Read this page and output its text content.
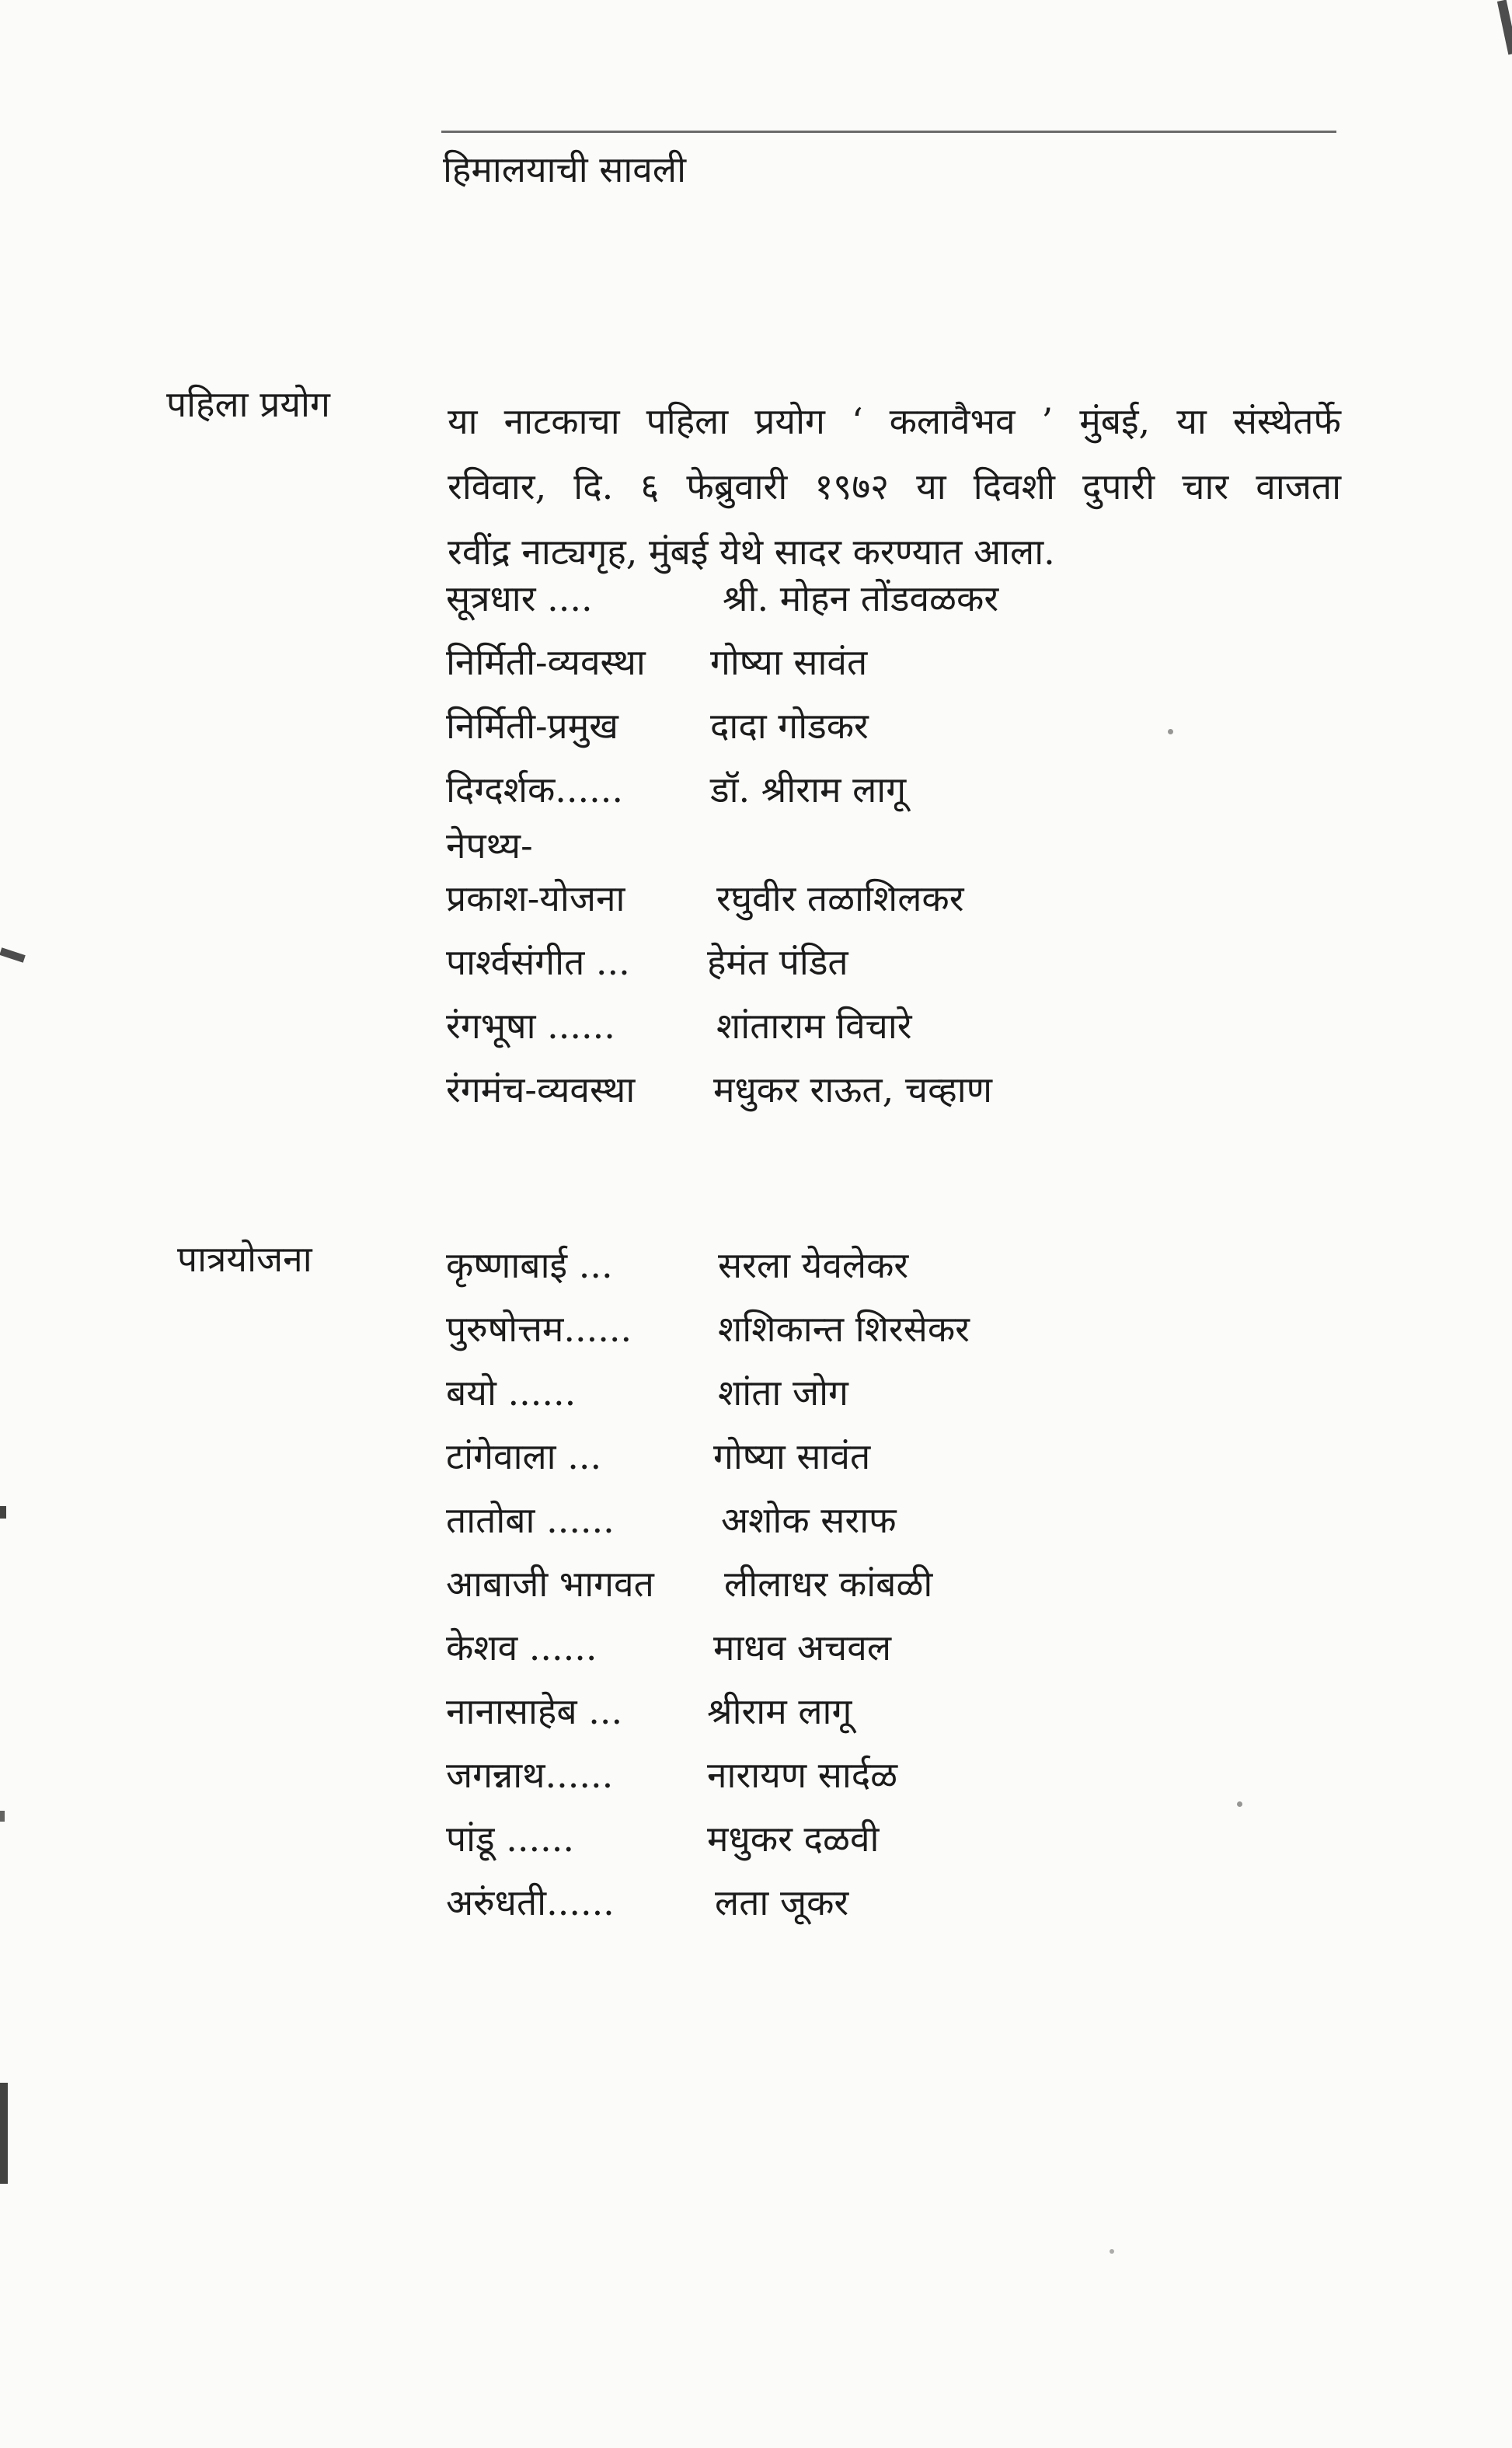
हिमालयाची सावली
पहिला प्रयोग	या नाटकाचा पहिला प्रयोग ‘ कलावैभव ’ मुंबई, या संस्थेतर्फे
रविवार, दि. ६ फेब्रुवारी १९७२ या दिवशी दुपारी चार वाजता
रवींद्र नाट्यगृह, मुंबई येथे सादर करण्यात आला.
सूत्रधार ....	श्री. मोहन तोंडवळकर
निर्मिती-व्यवस्था गोष्या सावंत
निर्मिती-प्रमुख	दादा गोडकर
दिग्दर्शक...... डॉ. श्रीराम लागू
नेपथ्य-
प्रकाश-योजना	रघुवीर तळाशिलकर
पार्श्वसंगीत ... हेमंत पंडित
रंगभूषा ......	शांताराम विचारे
रंगमंच-व्यवस्था मधुकर राऊत, चव्हाण
पात्रयोजना	कृष्णाबाई ...	सरला येवलेकर
पुरुषोत्तम...... शशिकान्त शिरसेकर
बयो ......	शांता जोग
टांगेवाला ...	गोष्या सावंत
तातोबा ......	अशोक सराफ
आबाजी भागवत लीलाधर कांबळी
केशव ......	माधव अचवल
नानासाहेब ... श्रीराम लागू
जगन्नाथ......	नारायण सार्दळ
पांडू ......	मधुकर दळवी
अरुंधती......	लता जूकर
